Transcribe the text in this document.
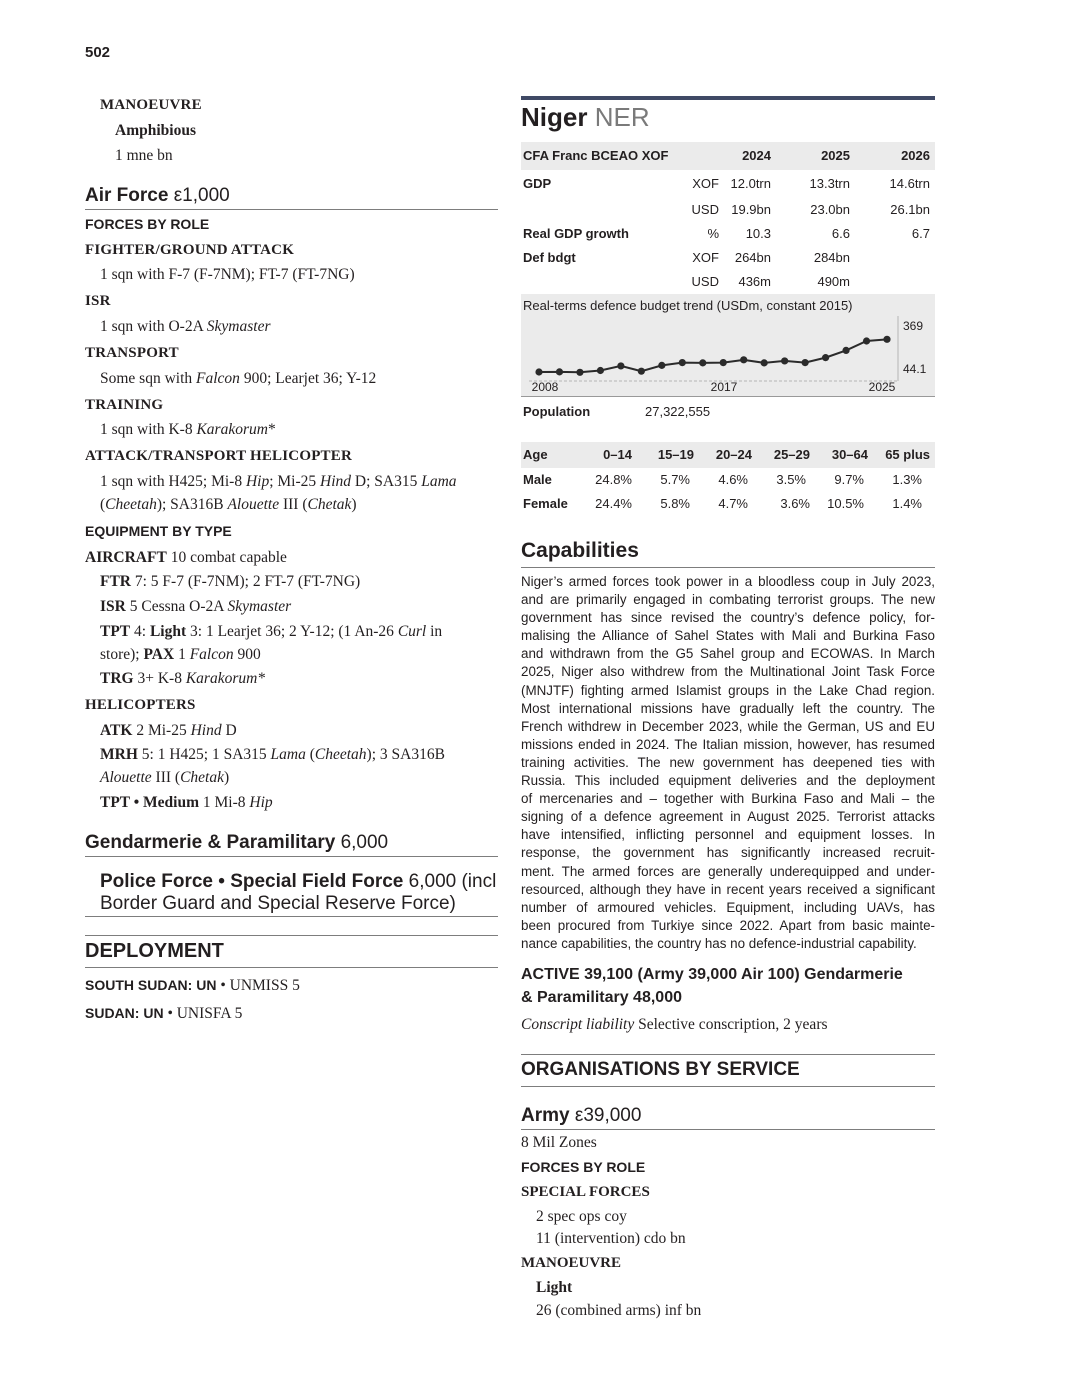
502
MANOEUVRE
Amphibious
1 mne bn
Air Force ε1,000
FORCES BY ROLE
FIGHTER/GROUND ATTACK
1 sqn with F-7 (F-7NM); FT-7 (FT-7NG)
ISR
1 sqn with O-2A Skymaster
TRANSPORT
Some sqn with Falcon 900; Learjet 36; Y-12
TRAINING
1 sqn with K-8 Karakorum*
ATTACK/TRANSPORT HELICOPTER
1 sqn with H425; Mi-8 Hip; Mi-25 Hind D; SA315 Lama
(Cheetah); SA316B Alouette III (Chetak)
EQUIPMENT BY TYPE
AIRCRAFT 10 combat capable
FTR 7: 5 F-7 (F-7NM); 2 FT-7 (FT-7NG)
ISR 5 Cessna O-2A Skymaster
TPT 4: Light 3: 1 Learjet 36; 2 Y-12; (1 An-26 Curl in
store); PAX 1 Falcon 900
TRG 3+ K-8 Karakorum*
HELICOPTERS
ATK 2 Mi-25 Hind D
MRH 5: 1 H425; 1 SA315 Lama (Cheetah); 3 SA316B
Alouette III (Chetak)
TPT • Medium 1 Mi-8 Hip
Gendarmerie & Paramilitary 6,000
Police Force • Special Field Force 6,000 (incl
Border Guard and Special Reserve Force)
DEPLOYMENT
SOUTH SUDAN: UN • UNMISS 5
SUDAN: UN • UNISFA 5
Niger NER
CFA Franc BCEAO XOF	2024	2025	2026
GDP	XOF 12.0trn	13.3trn	14.6trn
USD 19.9bn	23.0bn	26.1bn
Real GDP growth	% 10.3	6.6	6.7
Def bdgt	XOF 264bn	284bn
USD 436m	490m
Real-terms defence budget trend (USDm, constant 2015)
2008	2017	2025
369
44.1
Population	27,322,555
Age	0–14 15–19 20–24 25–29 30–64 65 plus
Male	24.8% 5.7% 4.6% 3.5% 9.7% 1.3%
Female 24.4% 5.8% 4.7% 3.6% 10.5% 1.4%
Capabilities
Niger’s armed forces took power in a bloodless coup in July 2023,
and are primarily engaged in combating terrorist groups. The new
government has since revised the country’s defence policy, for-
malising the Alliance of Sahel States with Mali and Burkina Faso
and withdrawn from the G5 Sahel group and ECOWAS. In March
2025, Niger also withdrew from the Multinational Joint Task Force
(MNJTF) fighting armed Islamist groups in the Lake Chad region.
Most international missions have gradually left the country. The
French withdrew in December 2023, while the German, US and EU
missions ended in 2024. The Italian mission, however, has resumed
training activities. The new government has deepened ties with
Russia. This included equipment deliveries and the deployment
of mercenaries and – together with Burkina Faso and Mali – the
signing of a defence agreement in August 2025. Terrorist attacks
have intensified, inflicting personnel and equipment losses. In
response, the government has significantly increased recruit-
ment. The armed forces are generally underequipped and under-
resourced, although they have in recent years received a significant
number of armoured vehicles. Equipment, including UAVs, has
been procured from Turkiye since 2022. Apart from basic mainte-
nance capabilities, the country has no defence-industrial capability.
ACTIVE 39,100 (Army 39,000 Air 100) Gendarmerie
& Paramilitary 48,000
Conscript liability Selective conscription, 2 years
ORGANISATIONS BY SERVICE
Army ε39,000
8 Mil Zones
FORCES BY ROLE
SPECIAL FORCES
2 spec ops coy
11 (intervention) cdo bn
MANOEUVRE
Light
26 (combined arms) inf bn
